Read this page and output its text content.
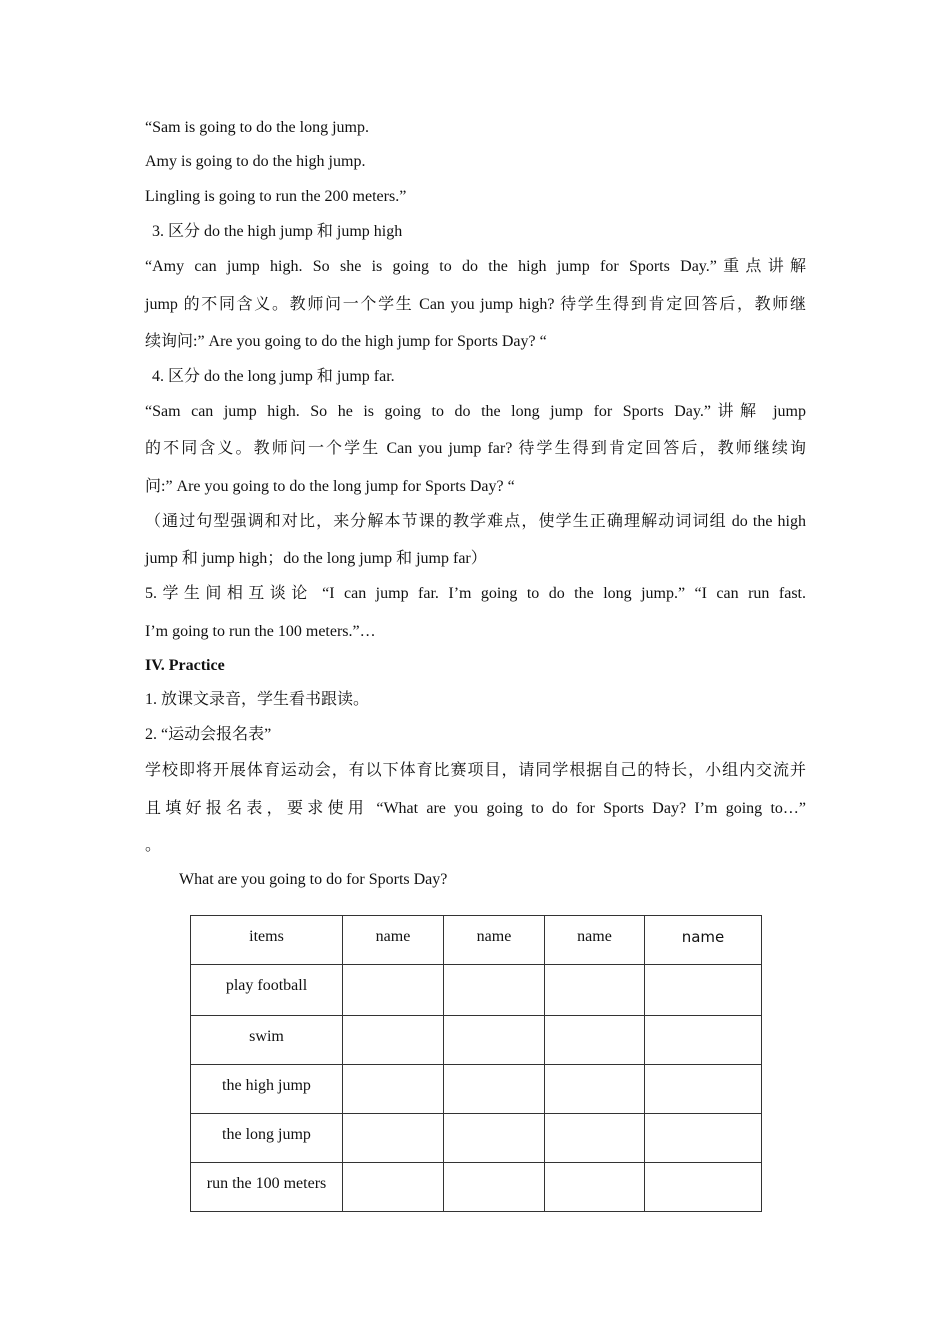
“Sam is going to do the long jump.
Amy is going to do the high jump.
Lingling is going to run the 200 meters.”
3. 区分 do the high jump 和 jump high
“Amy can jump high. So she is going to do the high jump for Sports Day.”重点讲解
jump 的不同含义。教师问一个学生 Can you jump high? 待学生得到肯定回答后，教师继
续询问:” Are you going to do the high jump for Sports Day? “
4. 区分 do the long jump 和 jump far.
“Sam can jump high. So he is going to do the long jump for Sports Day.”讲解 jump
的不同含义。教师问一个学生 Can you jump far? 待学生得到肯定回答后，教师继续询
问:” Are you going to do the long jump for Sports Day? “
（通过句型强调和对比，来分解本节课的教学难点，使学生正确理解动词词组 do the high
jump 和 jump high；do the long jump 和 jump far）
5.学生间相互谈论 “I can jump far. I’m going to do the long jump.” “I can run fast.
I’m going to run the 100 meters.”…
IV. Practice
1. 放课文录音，学生看书跟读。
2. “运动会报名表”
学校即将开展体育运动会，有以下体育比赛项目，请同学根据自己的特长，小组内交流并
且填好报名表，要求使用 “What are you going to do for Sports Day? I’m going to…”
。
What are you going to do for Sports Day?
items	name	name	name	name
play football				
swim				
the high jump				
the long jump				
run the 100 meters				
